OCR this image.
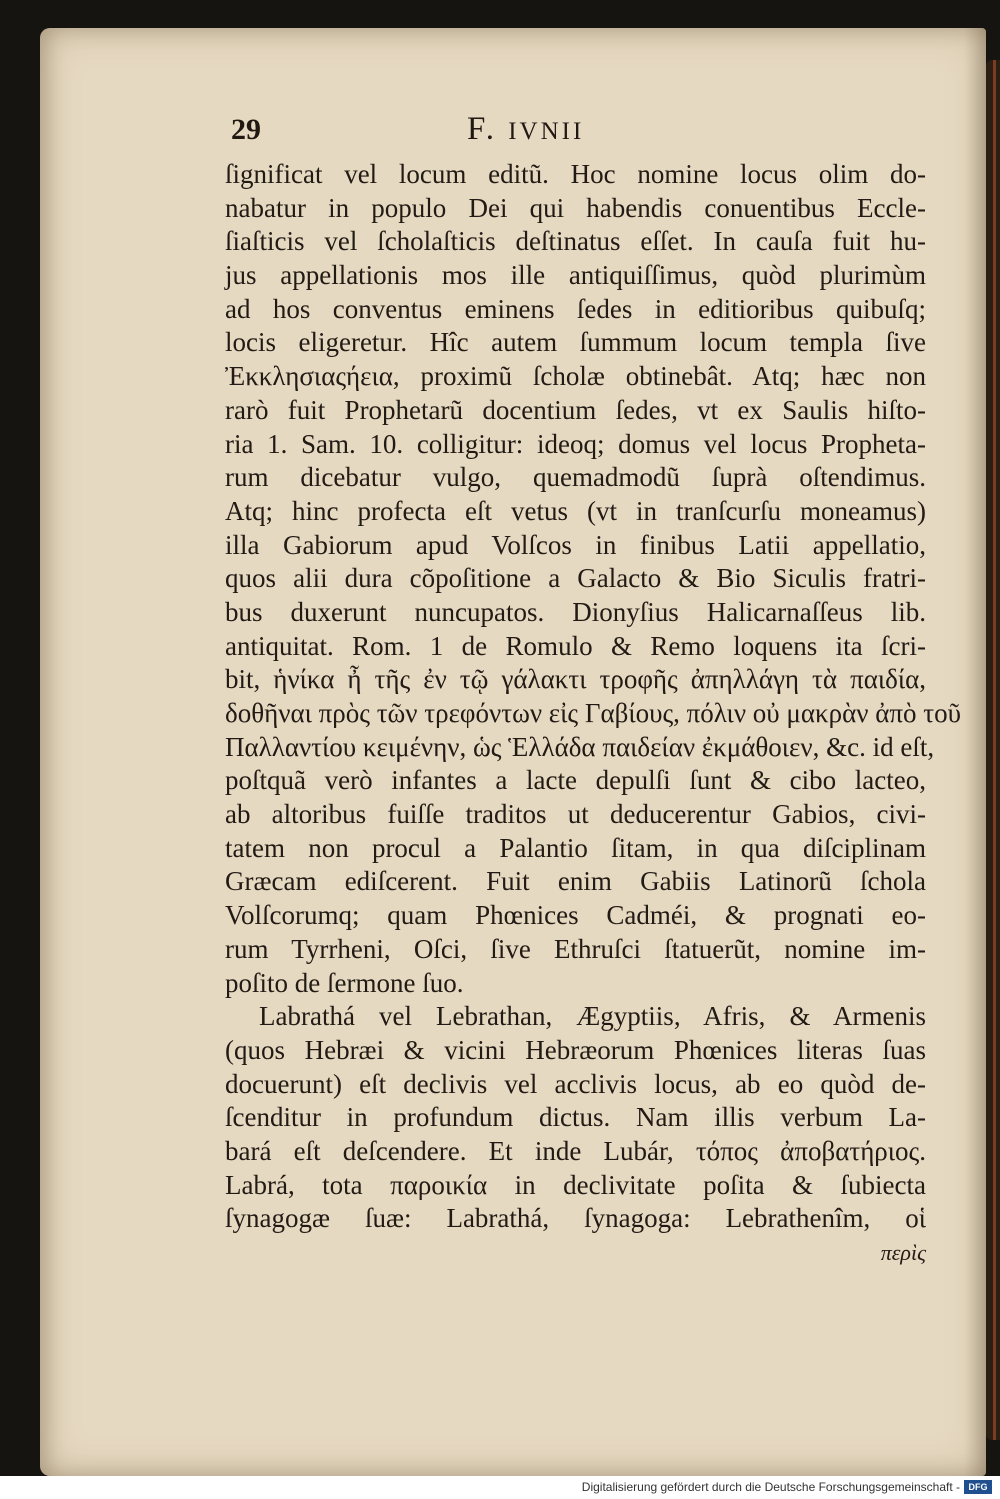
29	F. IVNII
ſignificat vel locum editũ. Hoc nomine locus olim do-
nabatur in populo Dei qui habendis conuentibus Eccle-
ſiaſticis vel ſcholaſticis deſtinatus eſſet. In cauſa fuit hu-
jus appellationis mos ille antiquiſſimus, quòd plurimùm
ad hos conventus eminens ſedes in editioribus quibuſq;
locis eligeretur. Hîc autem ſummum locum templa ſive
Ἐκκλησιαςήεια, proximũ ſcholæ obtinebât. Atq; hæc non
rarò fuit Prophetarũ docentium ſedes, vt ex Saulis hiſto-
ria 1. Sam. 10. colligitur: ideoq; domus vel locus Propheta-
rum dicebatur vulgo, quemadmodũ ſuprà oſtendimus.
Atq; hinc profecta eſt vetus (vt in tranſcurſu moneamus)
illa Gabiorum apud Volſcos in finibus Latii appellatio,
quos alii dura cõpoſitione a Galacto & Bio Siculis fratri-
bus duxerunt nuncupatos. Dionyſius Halicarnaſſeus lib.
antiquitat. Rom. 1 de Romulo & Remo loquens ita ſcri-
bit, ἡνίκα ἦ τῆς ἐν τῷ γάλακτι τροφῆς ἀπηλλάγη τὰ παιδία,
δοθῆναι πρὸς τῶν τρεφόντων εἰς Γαβίους, πόλιν οὐ μακρὰν ἀπὸ τοῦ
Παλλαντίου κειμένην, ὡς Ἑλλάδα παιδείαν ἐκμάθοιεν, &c. id eſt,
poſtquã verò infantes a lacte depulſi ſunt & cibo lacteo,
ab altoribus fuiſſe traditos ut deducerentur Gabios, civi-
tatem non procul a Palantio ſitam, in qua diſciplinam
Græcam ediſcerent. Fuit enim Gabiis Latinorũ ſchola
Volſcorumq; quam Phœnices Cadméi, & prognati eo-
rum Tyrrheni, Oſci, ſive Ethruſci ſtatuerũt, nomine im-
poſito de ſermone ſuo.
Labrathá vel Lebrathan, Ægyptiis, Afris, & Armenis
(quos Hebræi & vicini Hebræorum Phœnices literas ſuas
docuerunt) eſt declivis vel acclivis locus, ab eo quòd de-
ſcenditur in profundum dictus. Nam illis verbum La-
bará eſt deſcendere. Et inde Lubár, τόπος ἀποβατήριος.
Labrá, tota παροικία in declivitate poſita & ſubiecta
ſynagogæ ſuæ: Labrathá, ſynagoga: Lebrathenîm, οἱ
περὶς
Digitalisierung gefördert durch die Deutsche Forschungsgemeinschaft - DFG
